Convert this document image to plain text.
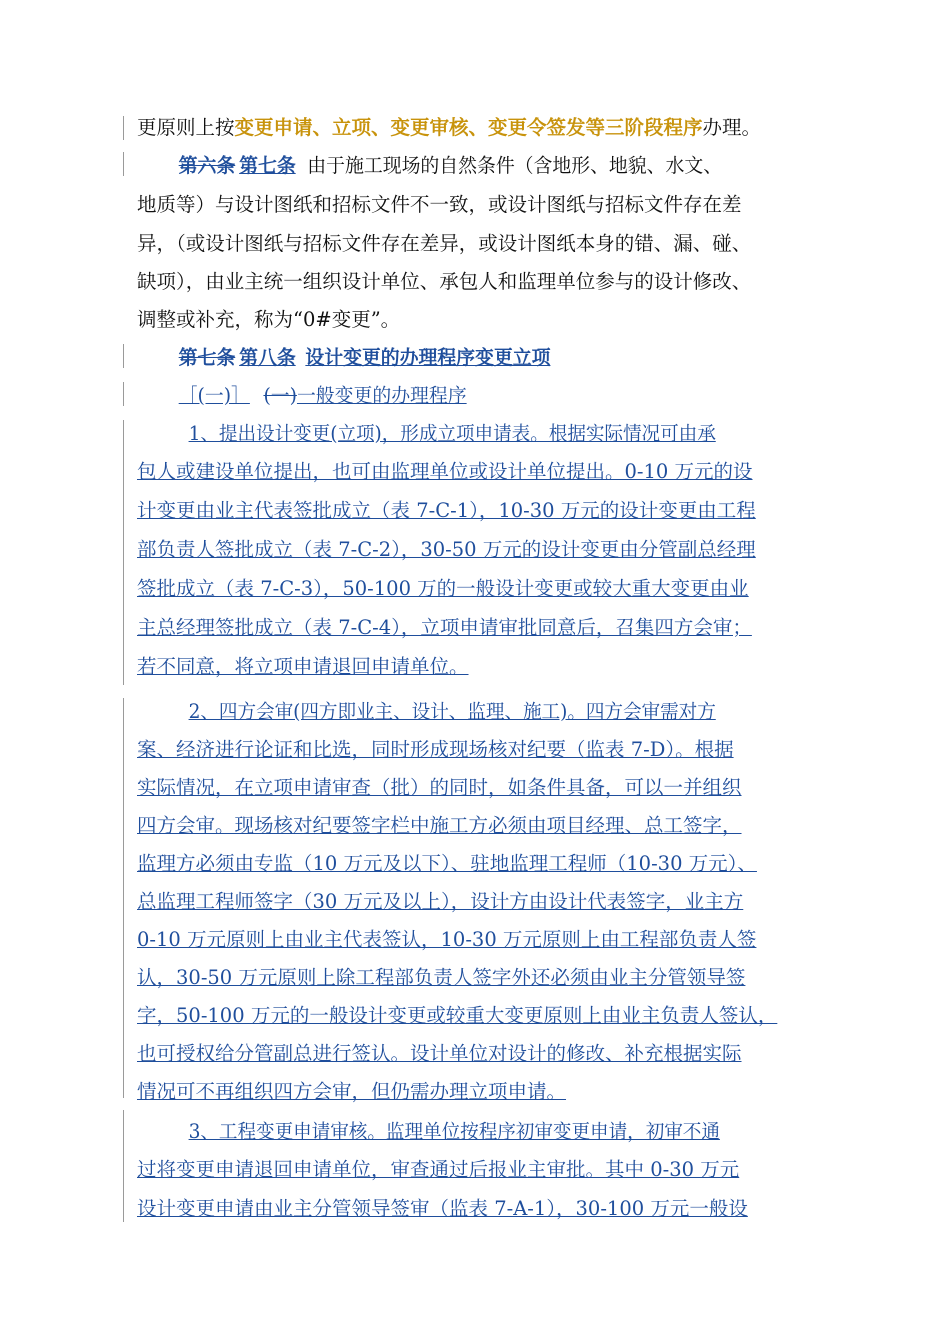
更原则上按变更申请、立项、变更审核、变更令签发等三阶段程序办理。
第六条 第七条 由于施工现场的自然条件（含地形、地貌、水文、
地质等）与设计图纸和招标文件不一致，或设计图纸与招标文件存在差
异，（或设计图纸与招标文件存在差异，或设计图纸本身的错、漏、碰、
缺项），由业主统一组织设计单位、承包人和监理单位参与的设计修改、
调整或补充，称为“0#变更”。
第七条 第八条 设计变更的办理程序变更立项
［(一)］ (一)一般变更的办理程序
1、提出设计变更(立项)，形成立项申请表。根据实际情况可由承
包人或建设单位提出，也可由监理单位或设计单位提出。0-10 万元的设
计变更由业主代表签批成立（表 7-C-1），10-30 万元的设计变更由工程
部负责人签批成立（表 7-C-2），30-50 万元的设计变更由分管副总经理
签批成立（表 7-C-3），50-100 万的一般设计变更或较大重大变更由业
主总经理签批成立（表 7-C-4），立项申请审批同意后，召集四方会审；
若不同意，将立项申请退回申请单位。
2、四方会审(四方即业主、设计、监理、施工)。四方会审需对方
案、经济进行论证和比选，同时形成现场核对纪要（监表 7-D）。根据
实际情况，在立项申请审查（批）的同时，如条件具备，可以一并组织
四方会审。现场核对纪要签字栏中施工方必须由项目经理、总工签字，
监理方必须由专监（10 万元及以下）、驻地监理工程师（10-30 万元）、
总监理工程师签字（30 万元及以上），设计方由设计代表签字，业主方
0-10 万元原则上由业主代表签认，10-30 万元原则上由工程部负责人签
认，30-50 万元原则上除工程部负责人签字外还必须由业主分管领导签
字，50-100 万元的一般设计变更或较重大变更原则上由业主负责人签认，
也可授权给分管副总进行签认。设计单位对设计的修改、补充根据实际
情况可不再组织四方会审，但仍需办理立项申请。
3、工程变更申请审核。监理单位按程序初审变更申请，初审不通
过将变更申请退回申请单位，审查通过后报业主审批。其中 0-30 万元
设计变更申请由业主分管领导签审（监表 7-A-1），30-100 万元一般设
